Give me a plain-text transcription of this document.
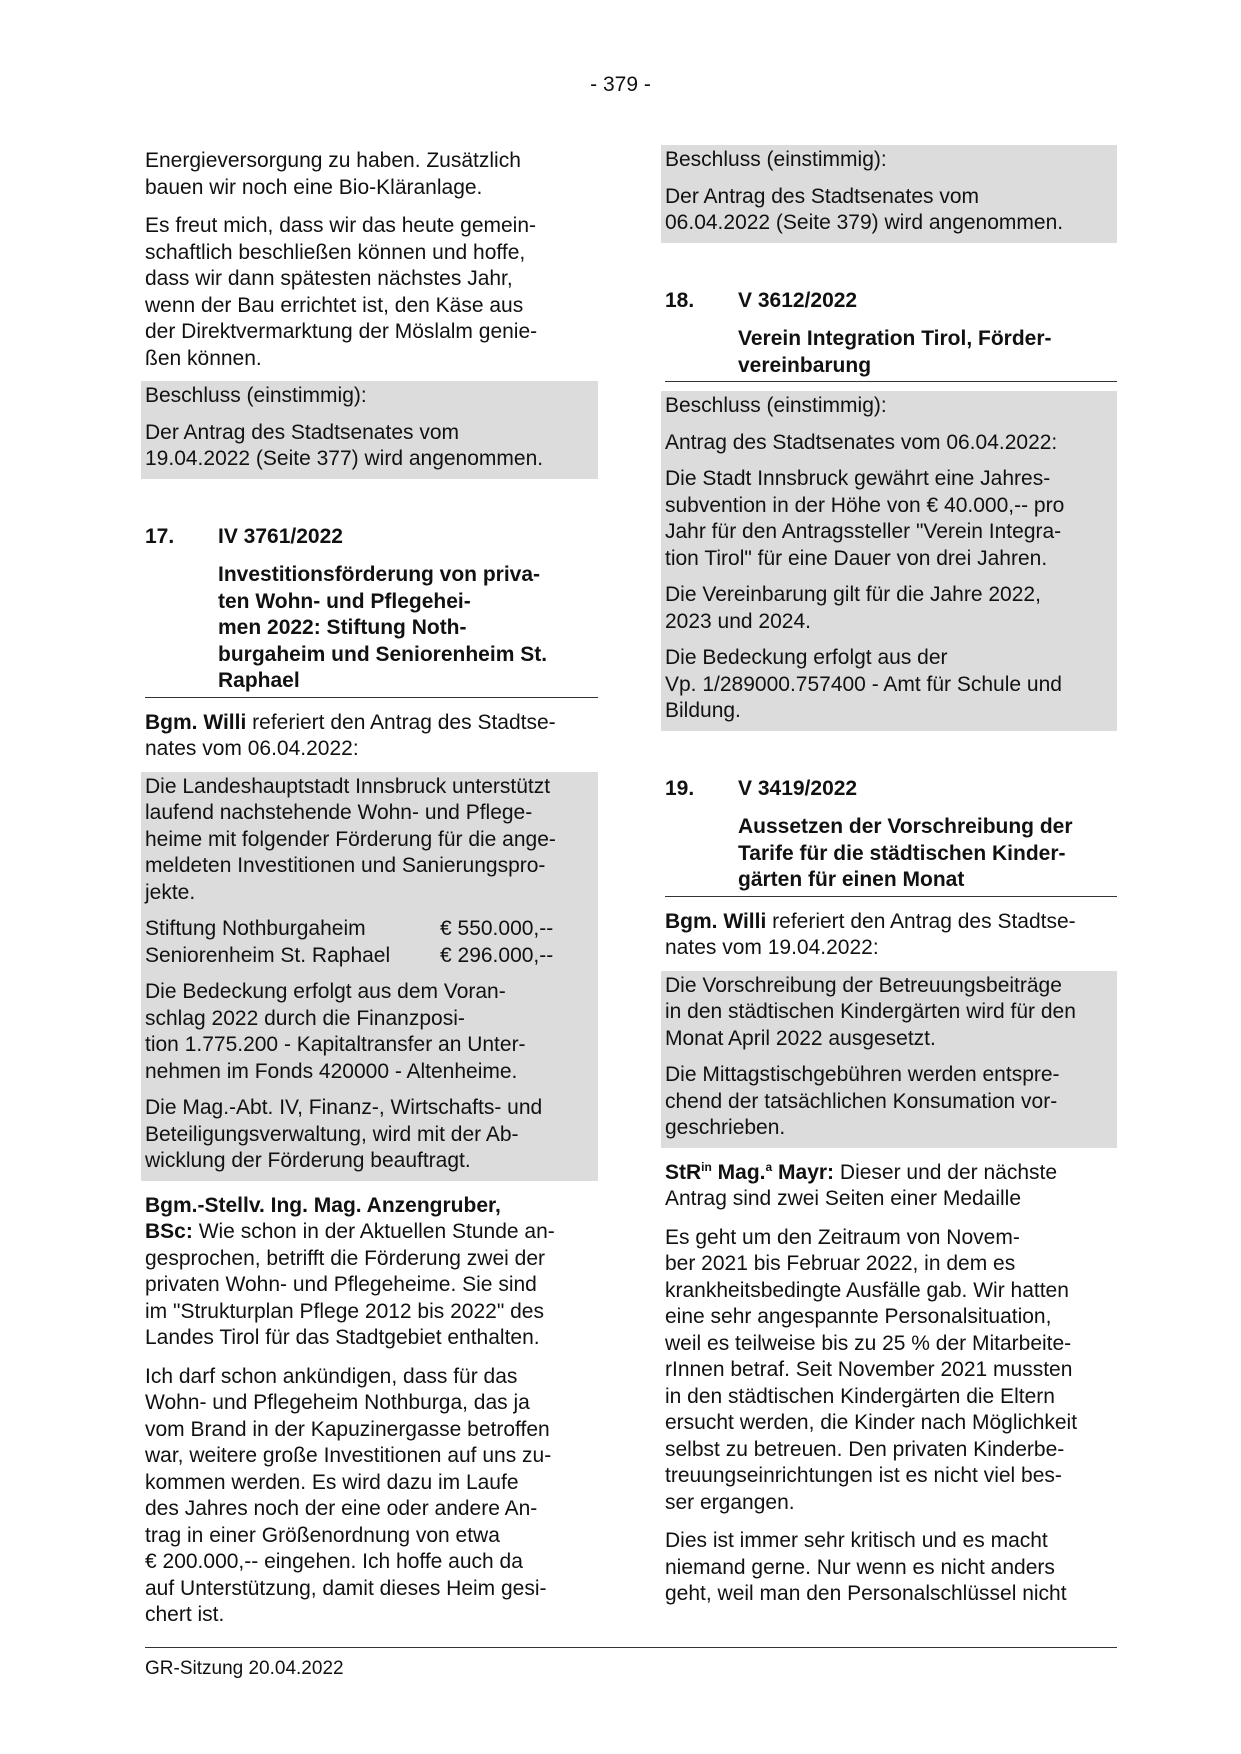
- 379 -

Energieversorgung zu haben. Zusätzlich
bauen wir noch eine Bio-Kläranlage.

Es freut mich, dass wir das heute gemein-
schaftlich beschließen können und hoffe,
dass wir dann spätesten nächstes Jahr,
wenn der Bau errichtet ist, den Käse aus
der Direktvermarktung der Möslalm genie-
ßen können.

Beschluss (einstimmig):

Der Antrag des Stadtsenates vom
19.04.2022 (Seite 377) wird angenommen.

17.	IV 3761/2022
Investitionsförderung von priva-
ten Wohn- und Pflegehei-
men 2022: Stiftung Noth-
burgaheim und Seniorenheim St.
Raphael

Bgm. Willi referiert den Antrag des Stadtse-
nates vom 06.04.2022:

Die Landeshauptstadt Innsbruck unterstützt
laufend nachstehende Wohn- und Pflege-
heime mit folgender Förderung für die ange-
meldeten Investitionen und Sanierungspro-
jekte.

Stiftung Nothburgaheim	€ 550.000,--
Seniorenheim St. Raphael	€ 296.000,--

Die Bedeckung erfolgt aus dem Voran-
schlag 2022 durch die Finanzposi-
tion 1.775.200 - Kapitaltransfer an Unter-
nehmen im Fonds 420000 - Altenheime.

Die Mag.-Abt. IV, Finanz-, Wirtschafts- und
Beteiligungsverwaltung, wird mit der Ab-
wicklung der Förderung beauftragt.

Bgm.-Stellv. Ing. Mag. Anzengruber,
BSc: Wie schon in der Aktuellen Stunde an-
gesprochen, betrifft die Förderung zwei der
privaten Wohn- und Pflegeheime. Sie sind
im "Strukturplan Pflege 2012 bis 2022" des
Landes Tirol für das Stadtgebiet enthalten.

Ich darf schon ankündigen, dass für das
Wohn- und Pflegeheim Nothburga, das ja
vom Brand in der Kapuzinergasse betroffen
war, weitere große Investitionen auf uns zu-
kommen werden. Es wird dazu im Laufe
des Jahres noch der eine oder andere An-
trag in einer Größenordnung von etwa
€ 200.000,-- eingehen. Ich hoffe auch da
auf Unterstützung, damit dieses Heim gesi-
chert ist.

Beschluss (einstimmig):

Der Antrag des Stadtsenates vom
06.04.2022 (Seite 379) wird angenommen.

18.	V 3612/2022
Verein Integration Tirol, Förder-
vereinbarung

Beschluss (einstimmig):

Antrag des Stadtsenates vom 06.04.2022:

Die Stadt Innsbruck gewährt eine Jahres-
subvention in der Höhe von € 40.000,-- pro
Jahr für den Antragssteller "Verein Integra-
tion Tirol" für eine Dauer von drei Jahren.

Die Vereinbarung gilt für die Jahre 2022,
2023 und 2024.

Die Bedeckung erfolgt aus der
Vp. 1/289000.757400 - Amt für Schule und
Bildung.

19.	V 3419/2022
Aussetzen der Vorschreibung der
Tarife für die städtischen Kinder-
gärten für einen Monat

Bgm. Willi referiert den Antrag des Stadtse-
nates vom 19.04.2022:

Die Vorschreibung der Betreuungsbeiträge
in den städtischen Kindergärten wird für den
Monat April 2022 ausgesetzt.

Die Mittagstischgebühren werden entspre-
chend der tatsächlichen Konsumation vor-
geschrieben.

StR$^{in}$ Mag.$^a$ Mayr: Dieser und der nächste
Antrag sind zwei Seiten einer Medaille

Es geht um den Zeitraum von Novem-
ber 2021 bis Februar 2022, in dem es
krankheitsbedingte Ausfälle gab. Wir hatten
eine sehr angespannte Personalsituation,
weil es teilweise bis zu 25 % der Mitarbeite-
rInnen betraf. Seit November 2021 mussten
in den städtischen Kindergärten die Eltern
ersucht werden, die Kinder nach Möglichkeit
selbst zu betreuen. Den privaten Kinderbe-
treuungseinrichtungen ist es nicht viel bes-
ser ergangen.

Dies ist immer sehr kritisch und es macht
niemand gerne. Nur wenn es nicht anders
geht, weil man den Personalschlüssel nicht

GR-Sitzung 20.04.2022
